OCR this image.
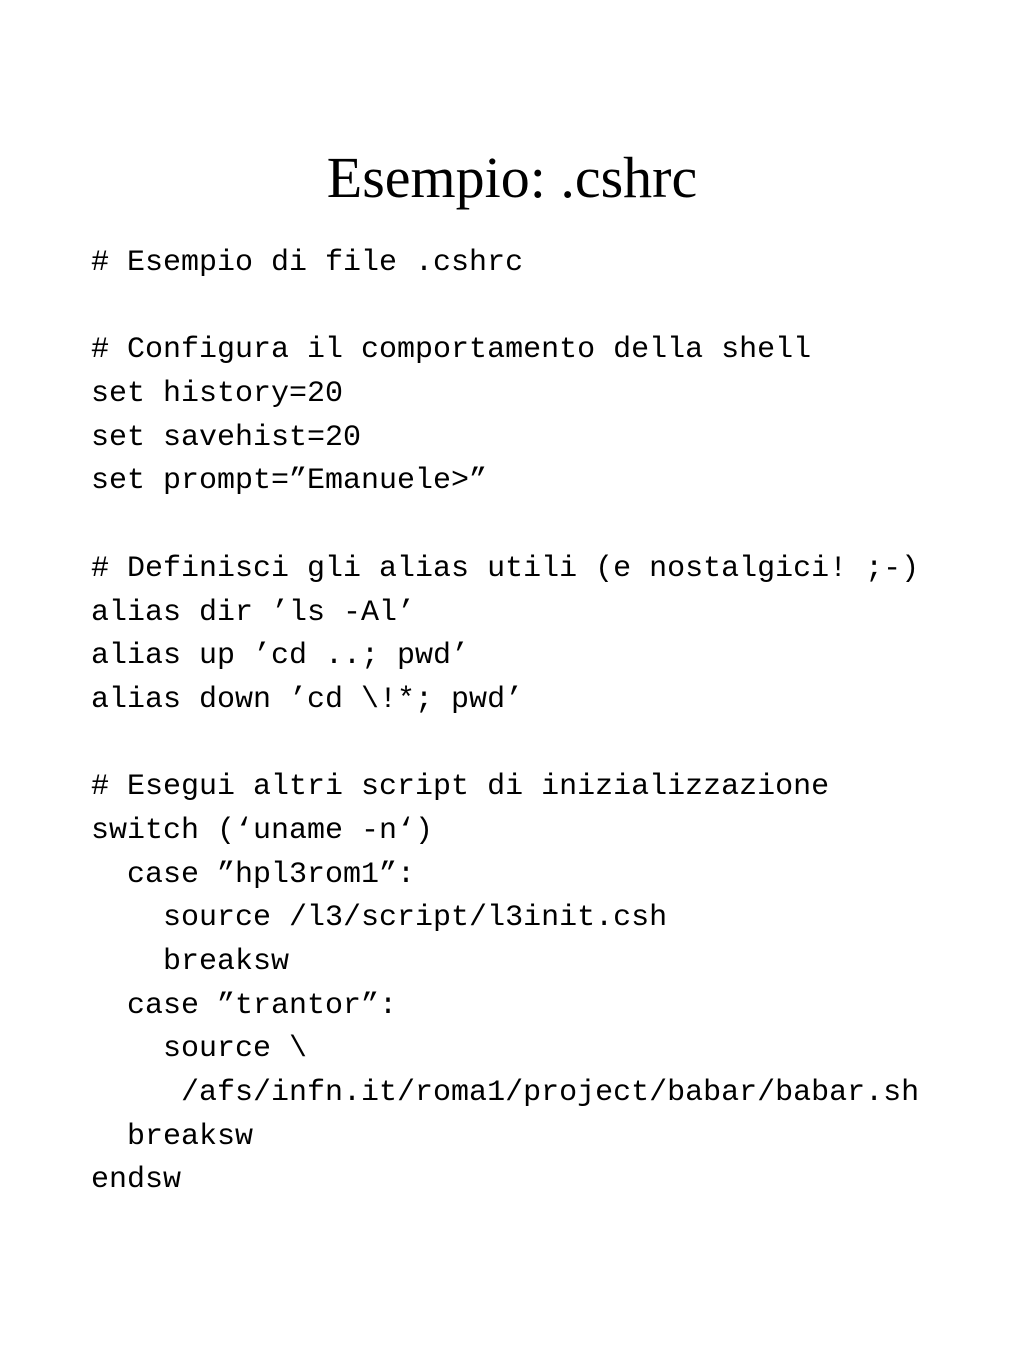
Esempio: .cshrc
# Esempio di file .cshrc
# Configura il comportamento della shell
set history=20
set savehist=20
set prompt=”Emanuele>”
# Definisci gli alias utili (e nostalgici! ;-)
alias dir ’ls -Al’
alias up ’cd ..; pwd’
alias down ’cd \!*; pwd’
# Esegui altri script di inizializzazione
switch (‘uname -n‘)
case ”hpl3rom1”:
source /l3/script/l3init.csh
breaksw
case ”trantor”:
source \
/afs/infn.it/roma1/project/babar/babar.sh
breaksw
endsw
